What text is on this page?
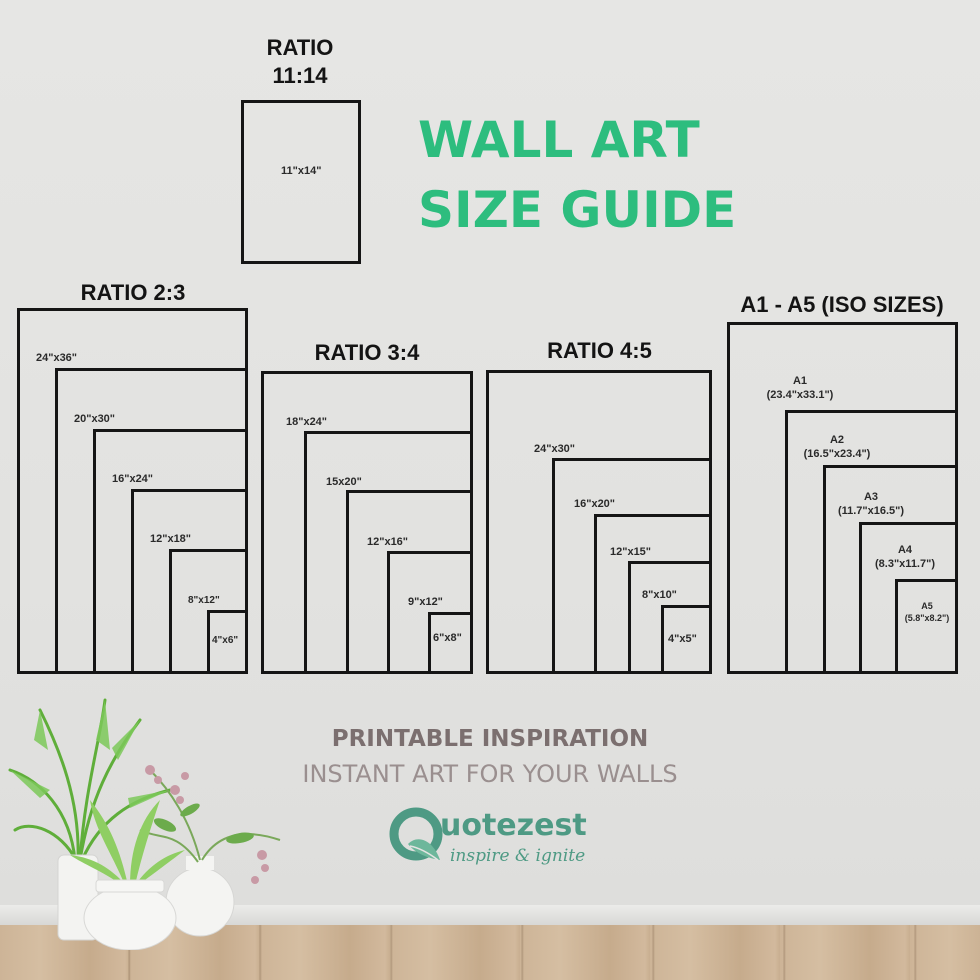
WALL ART
SIZE GUIDE
RATIO
11:14
11"x14"
RATIO 2:3
24"x36"
20"x30"
16"x24"
12"x18"
8"x12"
4"x6"
RATIO 3:4
18"x24"
15x20"
12"x16"
9"x12"
6"x8"
RATIO 4:5
24"x30"
16"x20"
12"x15"
8"x10"
4"x5"
A1 - A5 (ISO SIZES)
A1
(23.4"x33.1")
A2
(16.5"x23.4")
A3
(11.7"x16.5")
A4
(8.3"x11.7")
A5
(5.8"x8.2")
PRINTABLE INSPIRATION
INSTANT ART FOR YOUR WALLS
uotezest
inspire & ignite
